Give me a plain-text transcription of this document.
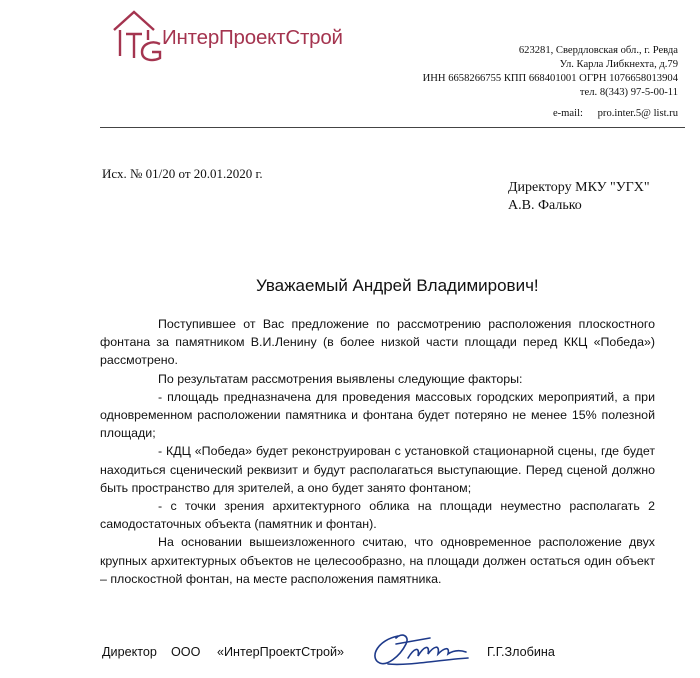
ИнтерПроектСтрой
623281, Свердловская обл., г. Ревда
Ул. Карла Либкнехта, д.79
ИНН 6658266755 КПП 668401001 ОГРН 1076658013904
тел. 8(343) 97-5-00-11
e-mail: pro.inter.5@ list.ru
Исх. № 01/20 от 20.01.2020 г.
Директору МКУ "УГХ"
А.В. Фалько
Уважаемый Андрей Владимирович!

Поступившее от Вас предложение по рассмотрению расположения плоскостного фонтана за памятником В.И.Ленину (в более низкой части площади перед ККЦ «Победа») рассмотрено.

По результатам рассмотрения выявлены следующие факторы:

- площадь предназначена для проведения массовых городских мероприятий, а при одновременном расположении памятника и фонтана будет потеряно не менее 15% полезной площади;

- КДЦ «Победа» будет реконструирован с установкой стационарной сцены, где будет находиться сценический реквизит и будут располагаться выступающие. Перед сценой должно быть пространство для зрителей, а оно будет занято фонтаном;

- с точки зрения архитектурного облика на площади неуместно располагать 2 самодостаточных объекта (памятник и фонтан).

На основании вышеизложенного считаю, что одновременное расположение двух крупных архитектурных объектов не целесообразно, на площади должен остаться один объект – плоскостной фонтан, на месте расположения памятника.

Директор ООО «ИнтерПроектСтрой»	Г.Г.Злобина
